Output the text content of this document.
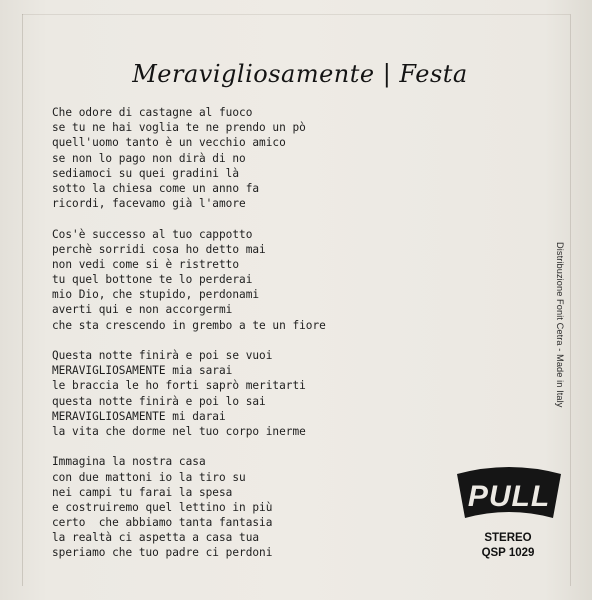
Meravigliosamente | Festa
Che odore di castagne al fuoco
se tu ne hai voglia te ne prendo un pò
quell'uomo tanto è un vecchio amico
se non lo pago non dirà di no
sediamoci su quei gradini là
sotto la chiesa come un anno fa
ricordi, facevamo già l'amore
Cos'è successo al tuo cappotto
perchè sorridi cosa ho detto mai
non vedi come si è ristretto
tu quel bottone te lo perderai
mio Dio, che stupido, perdonami
averti qui e non accorgermi
che sta crescendo in grembo a te un fiore
Questa notte finirà e poi se vuoi
MERAVIGLIOSAMENTE mia sarai
le braccia le ho forti saprò meritarti
questa notte finirà e poi lo sai
MERAVIGLIOSAMENTE mi darai
la vita che dorme nel tuo corpo inerme
Immagina la nostra casa
con due mattoni io la tiro su
nei campi tu farai la spesa
e costruiremo quel lettino in più
certo  che abbiamo tanta fantasia
la realtà ci aspetta a casa tua
speriamo che tuo padre ci perdoni
Distribuzione Fonit Cetra - Made in Italy
PULL
STEREO
QSP 1029
